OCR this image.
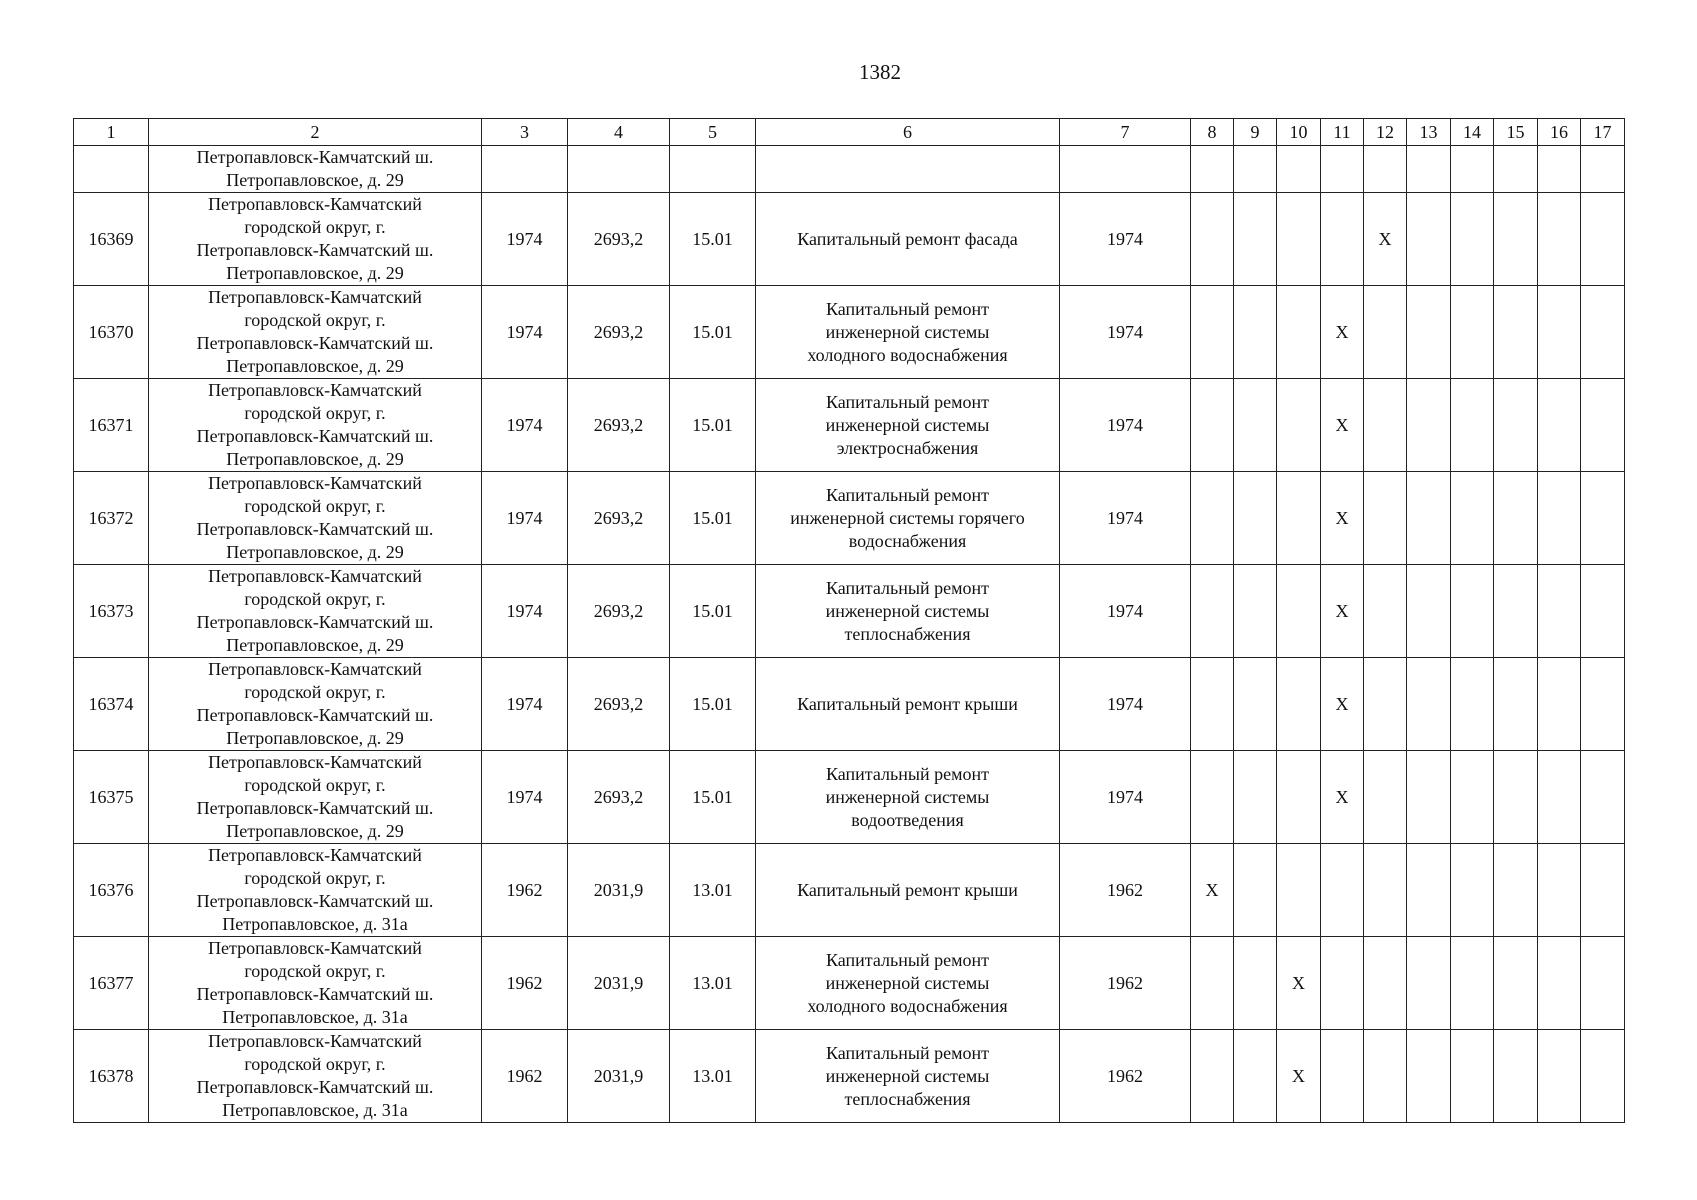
1382
1	2	3	4	5	6	7	8	9	10	11	12	13	14	15	16	17

	Петропавловск-Камчатский ш.
Петропавловское, д. 29															

16369	Петропавловск-Камчатский
городской округ, г.
Петропавловск-Камчатский ш.
Петропавловское, д. 29	1974	2693,2	15.01	Капитальный ремонт фасада	1974					X					
16370	Петропавловск-Камчатский
городской округ, г.
Петропавловск-Камчатский ш.
Петропавловское, д. 29	1974	2693,2	15.01	Капитальный ремонт
инженерной системы
холодного водоснабжения	1974				X						
16371	Петропавловск-Камчатский
городской округ, г.
Петропавловск-Камчатский ш.
Петропавловское, д. 29	1974	2693,2	15.01	Капитальный ремонт
инженерной системы
электроснабжения	1974				X						
16372	Петропавловск-Камчатский
городской округ, г.
Петропавловск-Камчатский ш.
Петропавловское, д. 29	1974	2693,2	15.01	Капитальный ремонт
инженерной системы горячего
водоснабжения	1974				X						
16373	Петропавловск-Камчатский
городской округ, г.
Петропавловск-Камчатский ш.
Петропавловское, д. 29	1974	2693,2	15.01	Капитальный ремонт
инженерной системы
теплоснабжения	1974				X						
16374	Петропавловск-Камчатский
городской округ, г.
Петропавловск-Камчатский ш.
Петропавловское, д. 29	1974	2693,2	15.01	Капитальный ремонт крыши	1974				X						
16375	Петропавловск-Камчатский
городской округ, г.
Петропавловск-Камчатский ш.
Петропавловское, д. 29	1974	2693,2	15.01	Капитальный ремонт
инженерной системы
водоотведения	1974				X						
16376	Петропавловск-Камчатский
городской округ, г.
Петропавловск-Камчатский ш.
Петропавловское, д. 31а	1962	2031,9	13.01	Капитальный ремонт крыши	1962	X									
16377	Петропавловск-Камчатский
городской округ, г.
Петропавловск-Камчатский ш.
Петропавловское, д. 31а	1962	2031,9	13.01	Капитальный ремонт
инженерной системы
холодного водоснабжения	1962			X							
16378	Петропавловск-Камчатский
городской округ, г.
Петропавловск-Камчатский ш.
Петропавловское, д. 31а	1962	2031,9	13.01	Капитальный ремонт
инженерной системы
теплоснабжения	1962			X							
